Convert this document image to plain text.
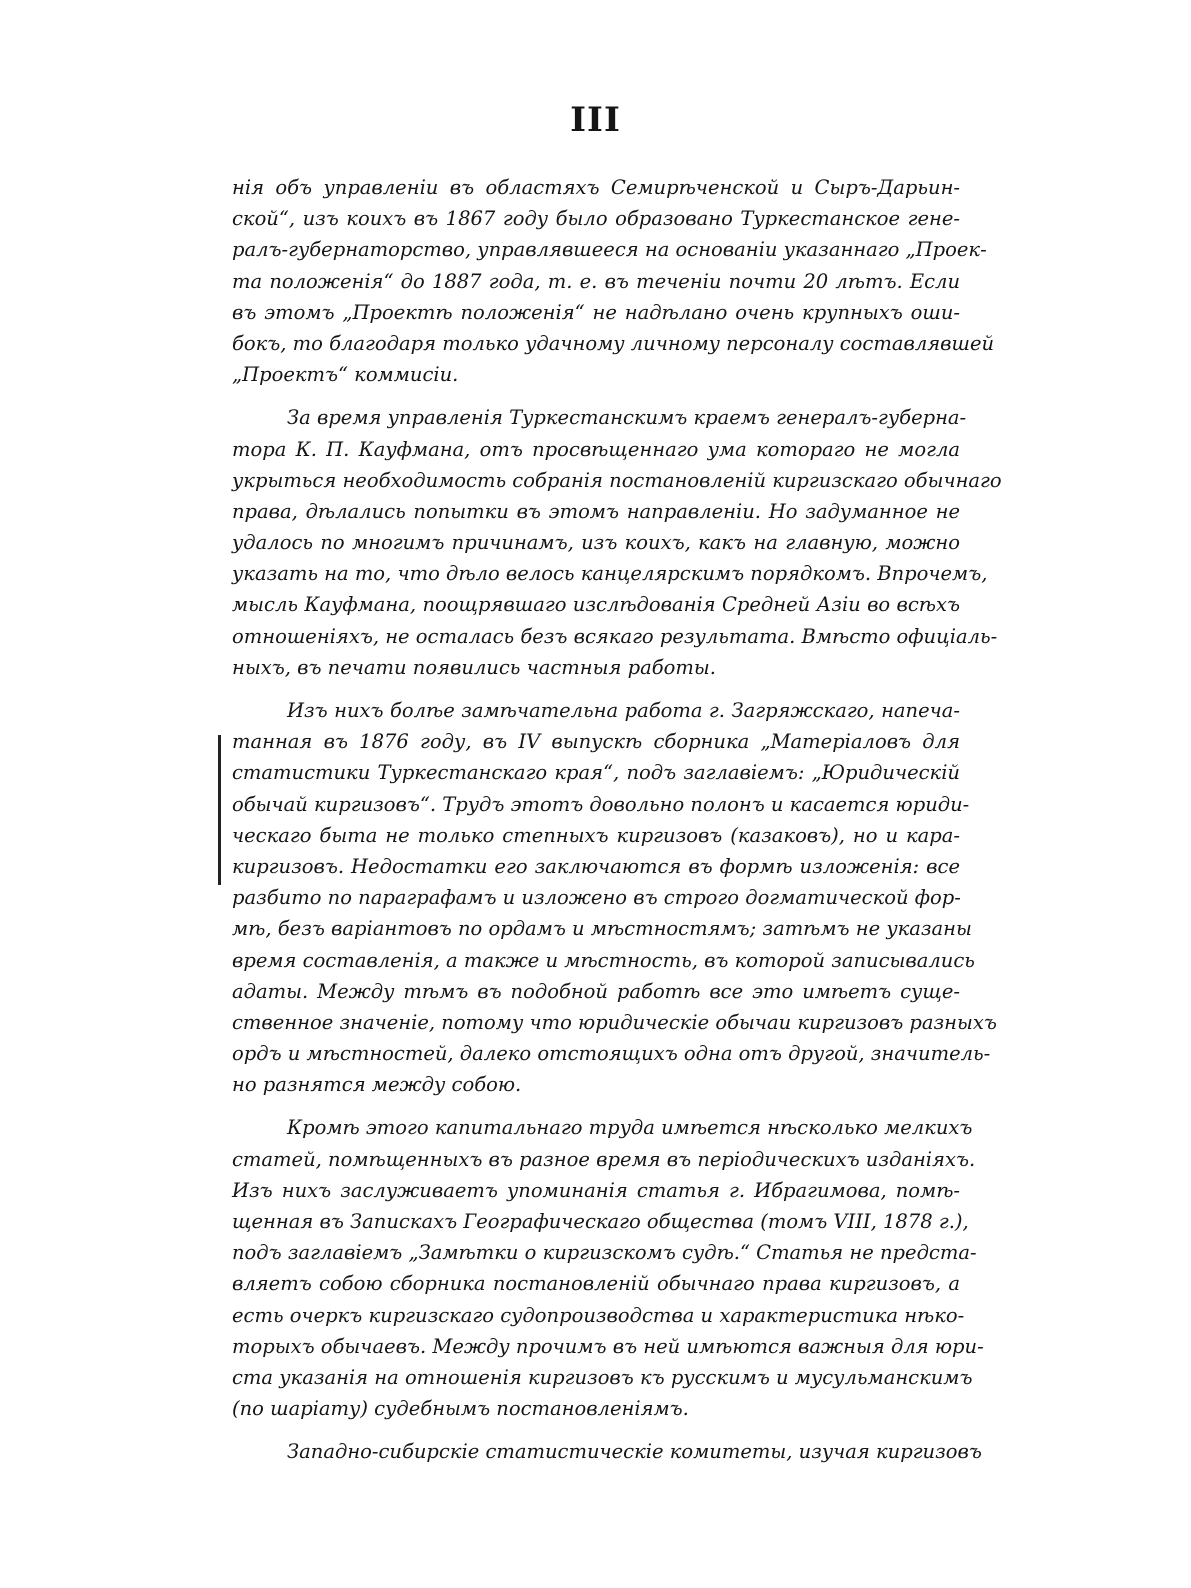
III
нія объ управленіи въ областяхъ Семирѣченской и Сыръ-Дарьин-
ской“, изъ коихъ въ 1867 году было образовано Туркестанское гене-
ралъ-губернаторство, управлявшееся на основаніи указаннаго „Проек-
та положенія“ до 1887 года, т. е. въ теченіи почти 20 лѣтъ. Если
въ этомъ „Проектѣ положенія“ не надѣлано очень крупныхъ оши-
бокъ, то благодаря только удачному личному персоналу составлявшей
„Проектъ“ коммисіи.
За время управленія Туркестанскимъ краемъ генералъ-губерна-
тора К. П. Кауфмана, отъ просвѣщеннаго ума котораго не могла
укрыться необходимость собранія постановленій киргизскаго обычнаго
права, дѣлались попытки въ этомъ направленіи. Но задуманное не
удалось по многимъ причинамъ, изъ коихъ, какъ на главную, можно
указать на то, что дѣло велось канцелярскимъ порядкомъ. Впрочемъ,
мысль Кауфмана, поощрявшаго изслѣдованія Средней Азіи во всѣхъ
отношеніяхъ, не осталась безъ всякаго результата. Вмѣсто офиціаль-
ныхъ, въ печати появились частныя работы.
Изъ нихъ болѣе замѣчательна работа г. Загряжскаго, напеча-
танная въ 1876 году, въ IV выпускѣ сборника „Матеріаловъ для
статистики Туркестанскаго края“, подъ заглавіемъ: „Юридическій
обычай киргизовъ“. Трудъ этотъ довольно полонъ и касается юриди-
ческаго быта не только степныхъ киргизовъ (казаковъ), но и кара-
киргизовъ. Недостатки его заключаются въ формѣ изложенія: все
разбито по параграфамъ и изложено въ строго догматической фор-
мѣ, безъ варіантовъ по ордамъ и мѣстностямъ; затѣмъ не указаны
время составленія, а также и мѣстность, въ которой записывались
адаты. Между тѣмъ въ подобной работѣ все это имѣетъ суще-
ственное значеніе, потому что юридическіе обычаи киргизовъ разныхъ
ордъ и мѣстностей, далеко отстоящихъ одна отъ другой, значитель-
но разнятся между собою.
Кромѣ этого капитальнаго труда имѣется нѣсколько мелкихъ
статей, помѣщенныхъ въ разное время въ періодическихъ изданіяхъ.
Изъ нихъ заслуживаетъ упоминанія статья г. Ибрагимова, помѣ-
щенная въ Запискахъ Географическаго общества (томъ VIII, 1878 г.),
подъ заглавіемъ „Замѣтки о киргизскомъ судѣ.“ Статья не предста-
вляетъ собою сборника постановленій обычнаго права киргизовъ, а
есть очеркъ киргизскаго судопроизводства и характеристика нѣко-
торыхъ обычаевъ. Между прочимъ въ ней имѣются важныя для юри-
ста указанія на отношенія киргизовъ къ русскимъ и мусульманскимъ
(по шаріату) судебнымъ постановленіямъ.
Западно-сибирскіе статистическіе комитеты, изучая киргизовъ
